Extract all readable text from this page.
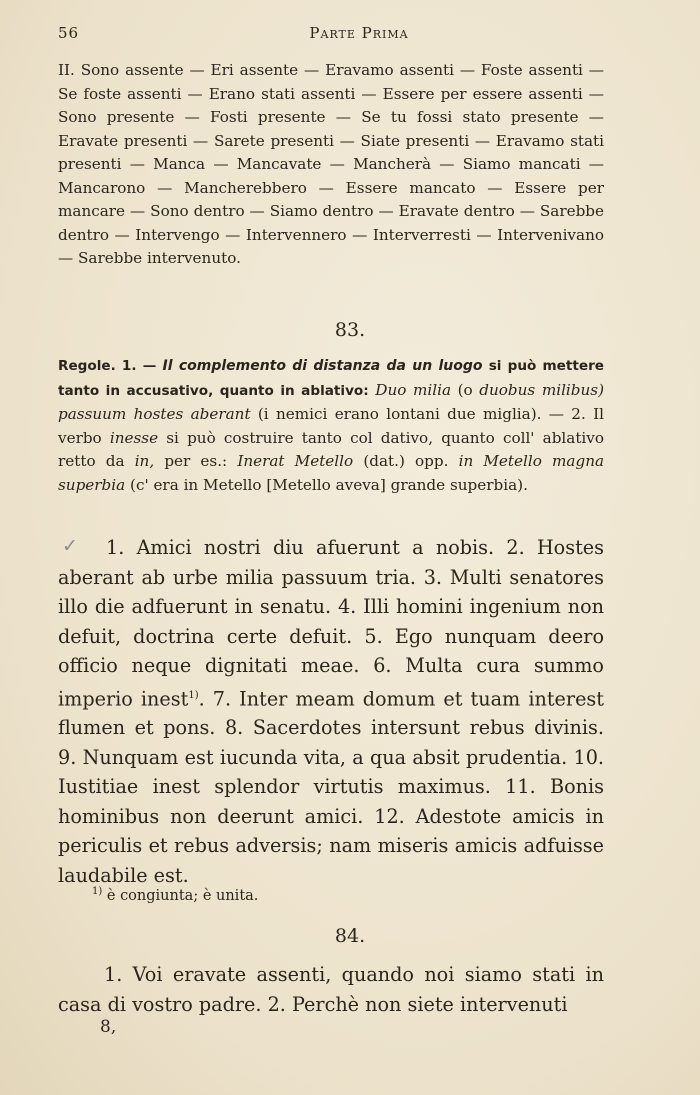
56	Parte Prima
II. Sono assente — Eri assente — Eravamo assenti — Foste assenti — Se foste assenti — Erano stati assenti — Essere per essere assenti — Sono presente — Fosti presente — Se tu fossi stato presente — Eravate presenti — Sarete presenti — Siate presenti — Eravamo stati presenti — Manca — Mancavate — Mancherà — Siamo mancati — Mancarono — Mancherebbero — Essere mancato — Essere per mancare — Sono dentro — Siamo dentro — Eravate dentro — Sarebbe dentro — Intervengo — Intervennero — Interverresti — Intervenivano — Sarebbe intervenuto.
83.
Regole. 1. — Il complemento di distanza da un luogo si può mettere tanto in accusativo, quanto in ablativo: Duo milia (o duobus milibus) passuum hostes aberant (i nemici erano lontani due miglia). — 2. Il verbo inesse si può costruire tanto col dativo, quanto coll' ablativo retto da in, per es.: Inerat Metello (dat.) opp. in Metello magna superbia (c' era in Metello [Metello aveva] grande superbia).
✓	1. Amici nostri diu afuerunt a nobis. 2. Hostes aberant ab urbe milia passuum tria. 3. Multi senatores illo die adfuerunt in senatu. 4. Illi homini ingenium non defuit, doctrina certe defuit. 5. Ego nunquam deero officio neque dignitati meae. 6. Multa cura summo imperio inest$^{1)}$. 7. Inter meam domum et tuam interest flumen et pons. 8. Sacerdotes intersunt rebus divinis. 9. Nunquam est iucunda vita, a qua absit prudentia. 10. Iustitiae inest splendor virtutis maximus. 11. Bonis hominibus non deerunt amici. 12. Adestote amicis in periculis et rebus adversis; nam miseris amicis adfuisse laudabile est.
$^{1)}$ è congiunta; è unita.
84.
1. Voi eravate assenti, quando noi siamo stati in casa di vostro padre. 2. Perchè non siete intervenuti
8,
